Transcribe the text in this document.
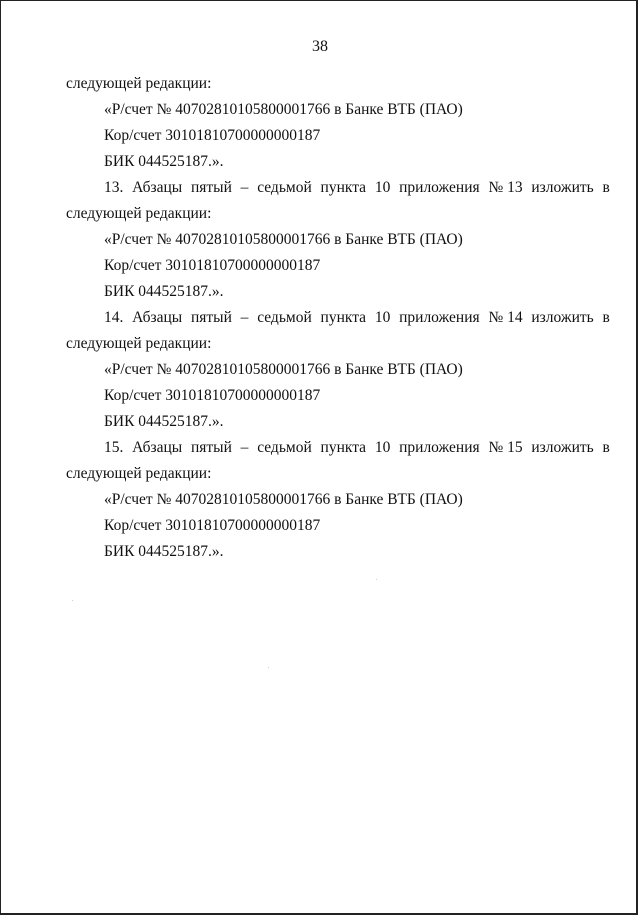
38
следующей редакции:
«Р/счет № 40702810105800001766 в Банке ВТБ (ПАО)
Кор/счет 30101810700000000187
БИК 044525187.».
13. Абзацы пятый – седьмой пункта 10 приложения № 13 изложить в
следующей редакции:
«Р/счет № 40702810105800001766 в Банке ВТБ (ПАО)
Кор/счет 30101810700000000187
БИК 044525187.».
14. Абзацы пятый – седьмой пункта 10 приложения № 14 изложить в
следующей редакции:
«Р/счет № 40702810105800001766 в Банке ВТБ (ПАО)
Кор/счет 30101810700000000187
БИК 044525187.».
15. Абзацы пятый – седьмой пункта 10 приложения № 15 изложить в
следующей редакции:
«Р/счет № 40702810105800001766 в Банке ВТБ (ПАО)
Кор/счет 30101810700000000187
БИК 044525187.».
